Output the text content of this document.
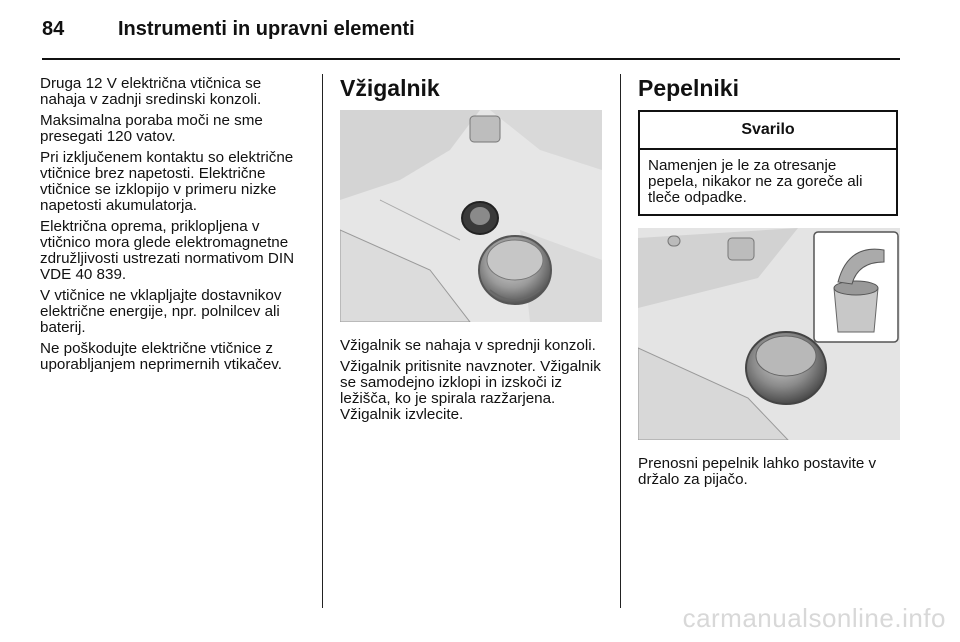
84	Instrumenti in upravni elementi

Druga 12 V električna vtičnica se nahaja v zadnji sredinski konzoli.

Maksimalna poraba moči ne sme presegati 120 vatov.

Pri izključenem kontaktu so električne vtičnice brez napetosti. Električne vtičnice se izklopijo v primeru nizke napetosti akumulatorja.

Električna oprema, priklopljena v vtičnico mora glede elektromagnetne združljivosti ustrezati normativom DIN VDE 40 839.

V vtičnice ne vklapljajte dostavnikov električne energije, npr. polnilcev ali baterij.

Ne poškodujte električne vtičnice z uporabljanjem neprimernih vtikačev.

Vžigalnik

Vžigalnik se nahaja v sprednji konzoli.

Vžigalnik pritisnite navznoter. Vžigalnik se samodejno izklopi in izskoči iz ležišča, ko je spirala razžarjena. Vžigalnik izvlecite.

Pepelniki
Svarilo
Namenjen je le za otresanje pepela, nikakor ne za goreče ali tleče odpadke.

Prenosni pepelnik lahko postavite v držalo za pijačo.

carmanualsonline.info
